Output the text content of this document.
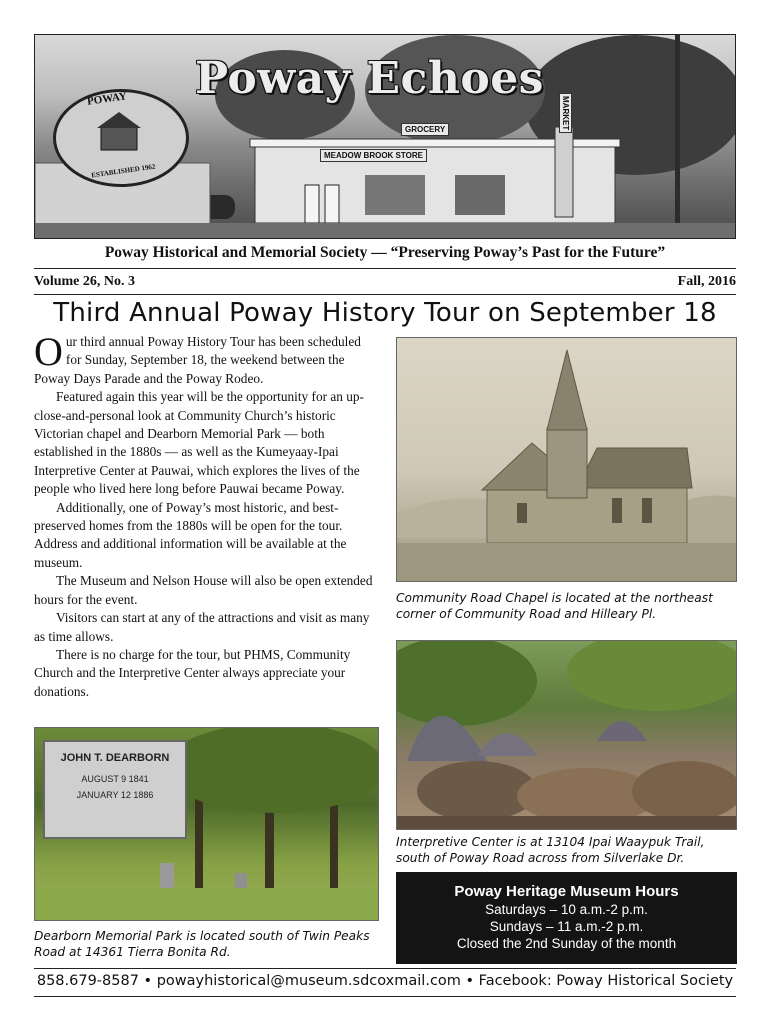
POWAY
ESTABLISHED 1962
Poway Echoes
MEADOW BROOK STORE
GROCERY	MARKET
Poway Historical and Memorial Society — “Preserving Poway’s Past for the Future”
Volume 26, No. 3	Fall, 2016
Third Annual Poway History Tour on September 18

Our third annual Poway History Tour has been scheduled for Sunday, September 18, the weekend between the Poway Days Parade and the Poway Rodeo.

Featured again this year will be the opportunity for an up-close-and-personal look at Community Church’s historic Victorian chapel and Dearborn Memorial Park — both established in the 1880s — as well as the Kumeyaay-Ipai Interpretive Center at Pauwai, which explores the lives of the people who lived here long before Pauwai became Poway.

Additionally, one of Poway’s most historic, and best-preserved homes from the 1880s will be open for the tour. Address and additional information will be available at the museum.

The Museum and Nelson House will also be open extended hours for the event.

Visitors can start at any of the attractions and visit as many as time allows.

There is no charge for the tour, but PHMS, Community Church and the Interpretive Center always appreciate your donations.

Community Road Chapel is located at the northeast corner of Community Road and Hilleary Pl.
Interpretive Center is at 13104 Ipai Waaypuk Trail, south of Poway Road across from Silverlake Dr.
JOHN T. DEARBORN
AUGUST 9 1841
JANUARY 12 1886
Dearborn Memorial Park is located south of Twin Peaks Road at 14361 Tierra Bonita Rd.
Poway Heritage Museum Hours
Saturdays – 10 a.m.-2 p.m.
Sundays – 11 a.m.-2 p.m.
Closed the 2nd Sunday of the month
858.679-8587 • powayhistorical@museum.sdcoxmail.com • Facebook: Poway Historical Society
